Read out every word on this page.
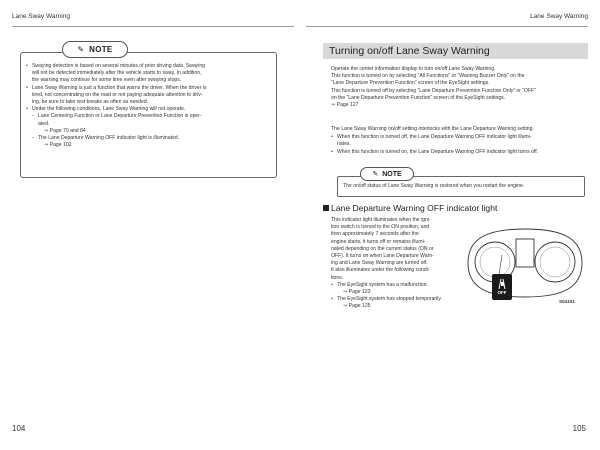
Lane Sway Warning	Lane Sway Warning
✎ NOTE
• Swaying detection is based on several minutes of prior driving data. Swaying
will not be detected immediately after the vehicle starts to sway. In addition,
the warning may continue for some time even after swaying stops.
• Lane Sway Warning is just a function that warns the driver. When the driver is
tired, not concentrating on the road or not paying adequate attention to driv-
ing, be sure to take rest breaks as often as needed.
• Under the following conditions, Lane Sway Warning will not operate.
- Lane Centering Function or Lane Departure Prevention Function is oper-
ated.
⇒ Page 70 and 84
- The Lane Departure Warning OFF indicator light is illuminated.
⇒ Page 102
Turning on/off Lane Sway Warning
Operate the center information display to turn on/off Lane Sway Warning.
This function is turned on by selecting “All Functions” or “Warning Buzzer Only” on the
“Lane Departure Prevention Function” screen of the EyeSight settings.
This function is turned off by selecting “Lane Departure Prevention Function Only” or “OFF”
on the “Lane Departure Prevention Function” screen of the EyeSight settings.
⇒ Page 127
The Lane Sway Warning on/off setting interlocks with the Lane Departure Warning setting.
• When this function is turned off, the Lane Departure Warning OFF indicator light illumi-
nates.
• When this function is turned on, the Lane Departure Warning OFF indicator light turns off.
✎ NOTE
The on/off status of Lane Sway Warning is restored when you restart the engine.
Lane Departure Warning OFF indicator light
This indicator light illuminates when the igni-
tion switch is turned to the ON position, and
then approximately 7 seconds after the
engine starts, it turns off or remains illumi-
nated depending on the current status (ON or
OFF). It turns on when Lane Departure Warn-
ing and Lane Sway Warning are turned off.
It also illuminates under the following condi-
tions.
• The EyeSight system has a malfunction.
⇒ Page 123
• The EyeSight system has stopped temporarily.
⇒ Page 125
OFF
S04101
104	105
